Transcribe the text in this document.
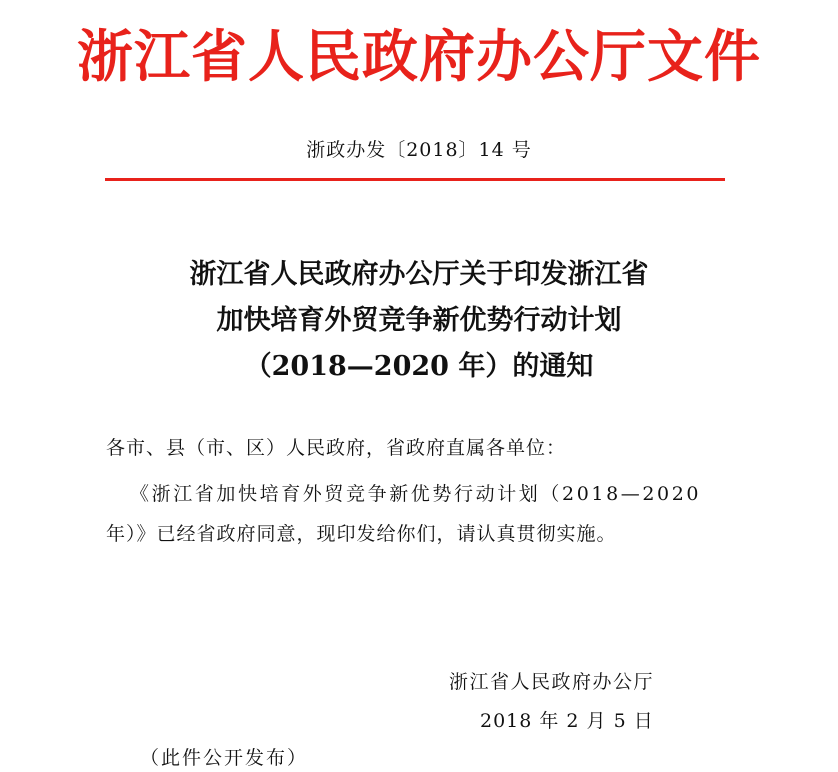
浙江省人民政府办公厅文件
浙政办发〔2018〕14 号
浙江省人民政府办公厅关于印发浙江省
加快培育外贸竞争新优势行动计划
（2018—2020 年）的通知
各市、县（市、区）人民政府，省政府直属各单位：
《浙江省加快培育外贸竞争新优势行动计划（2018—2020
年）》已经省政府同意，现印发给你们，请认真贯彻实施。
浙江省人民政府办公厅
2018 年 2 月 5 日
（此件公开发布）
